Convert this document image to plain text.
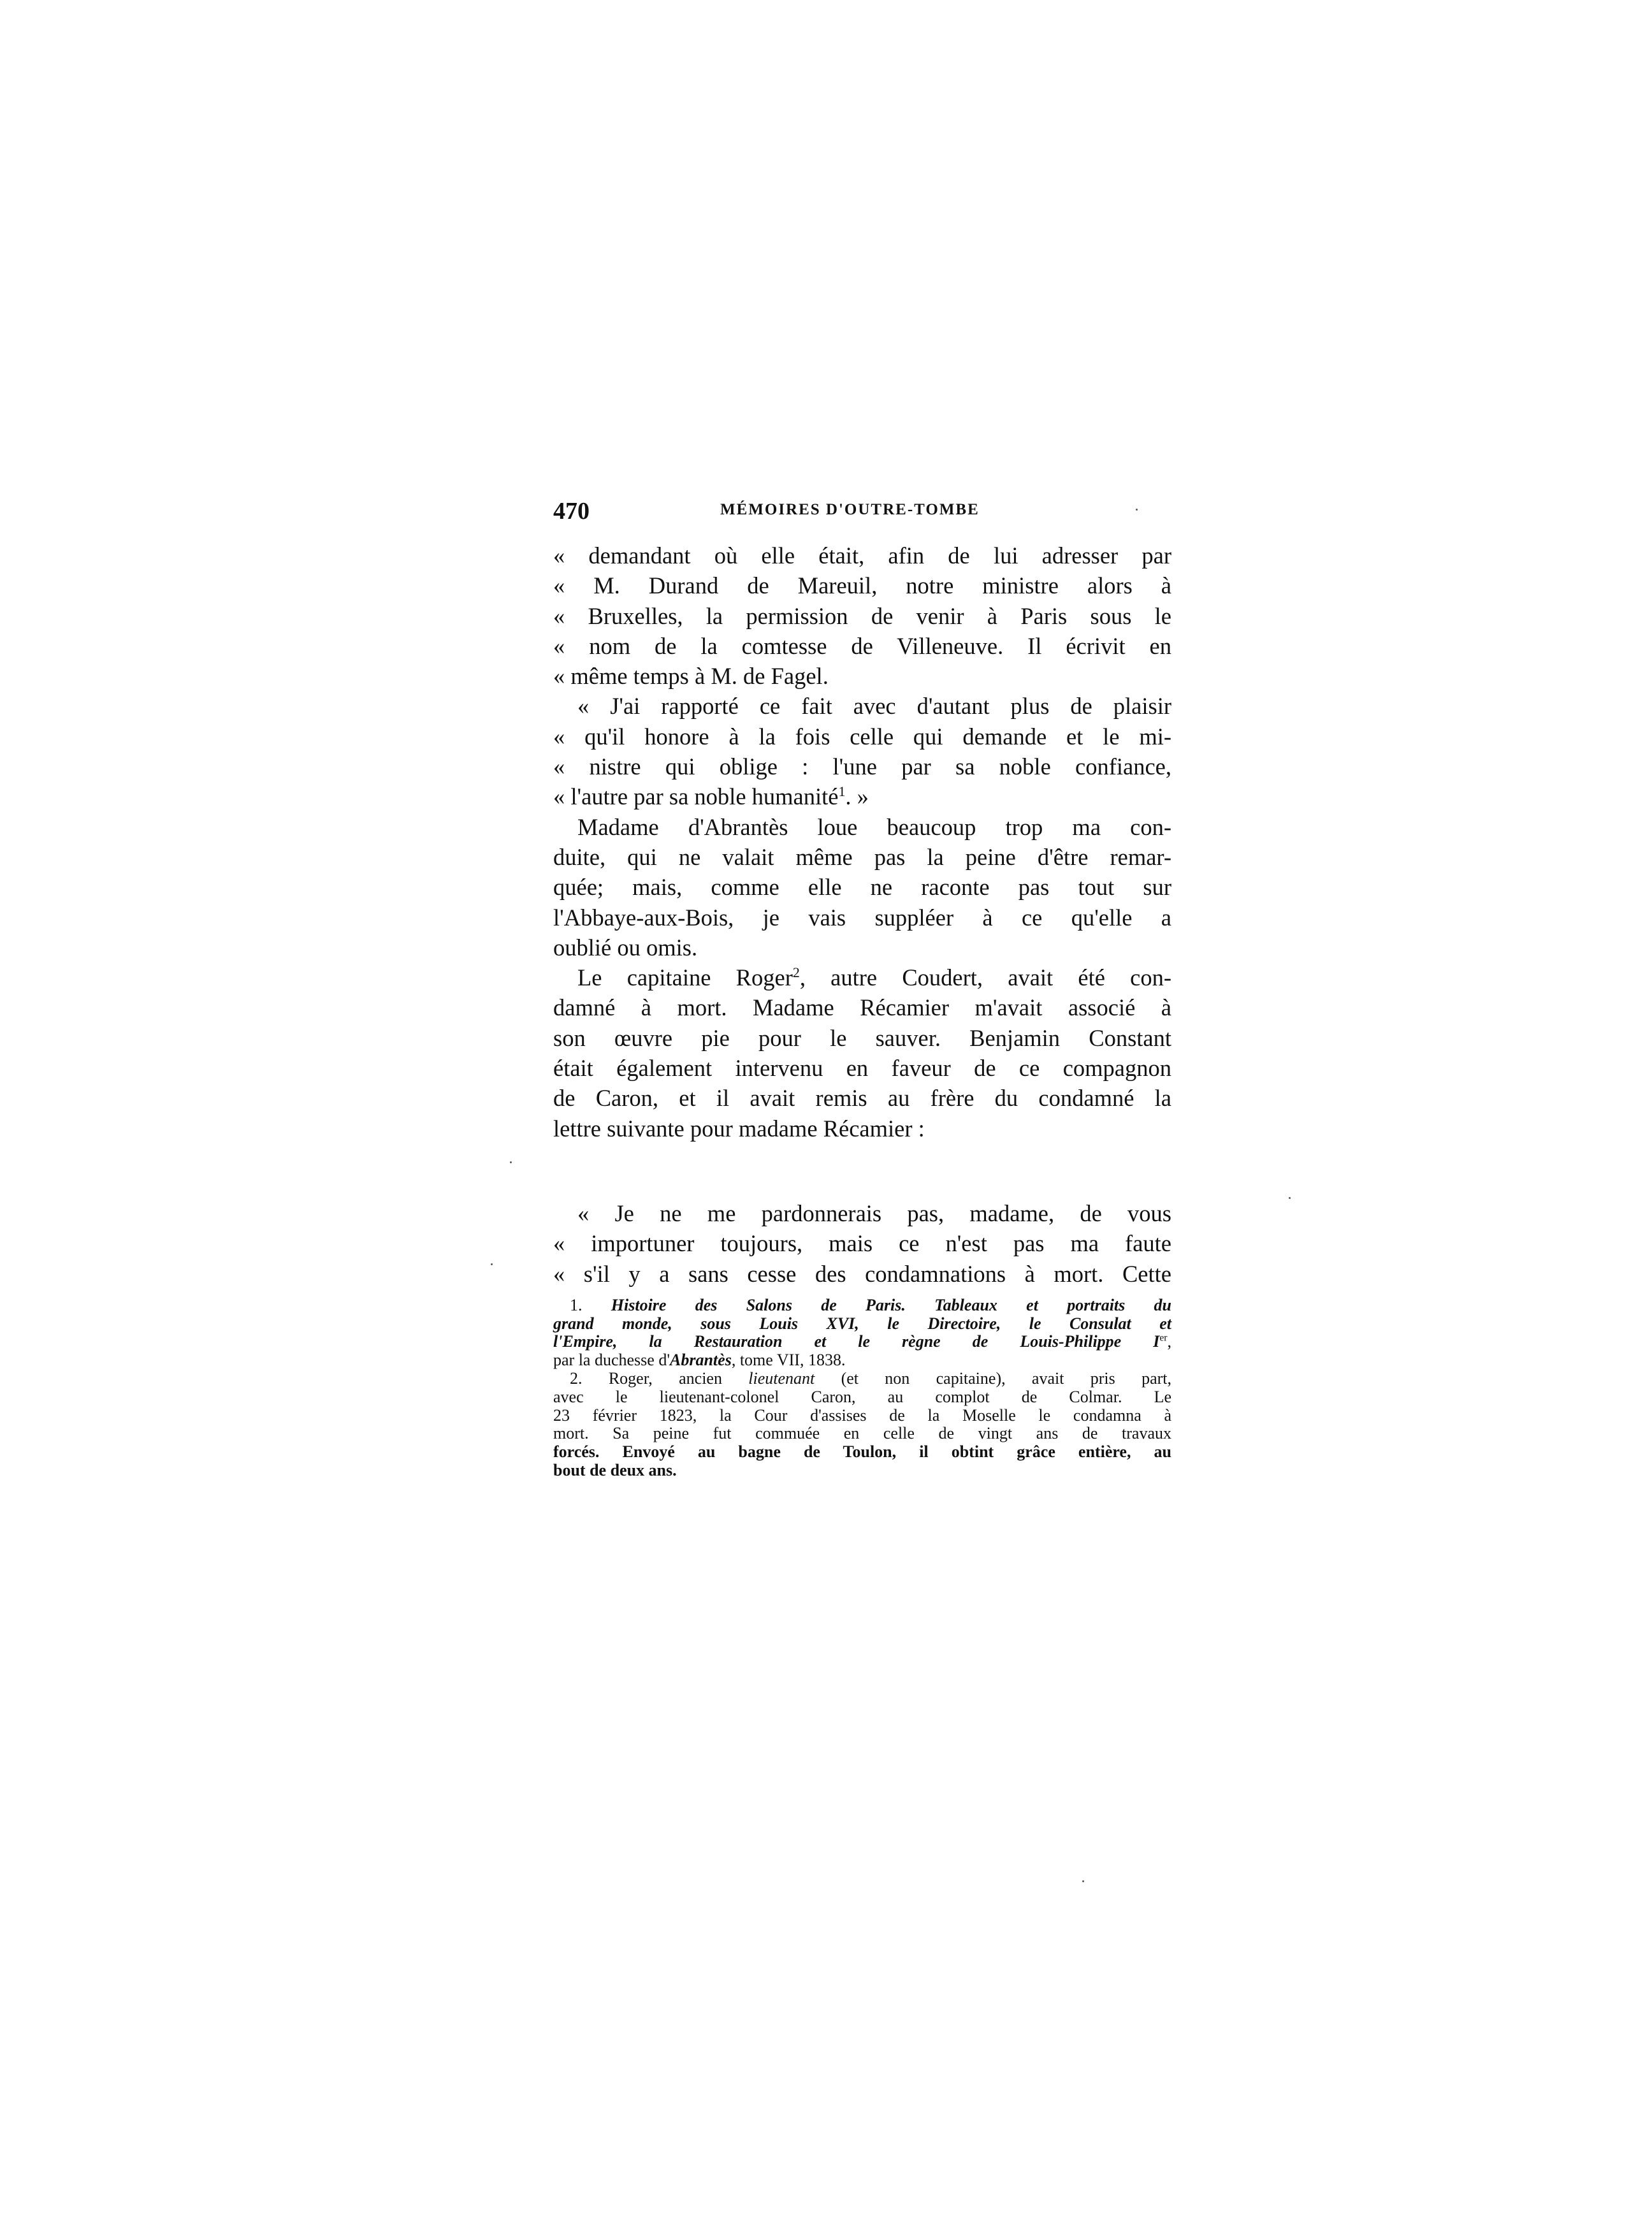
470	MÉMOIRES D'OUTRE-TOMBE
« demandant où elle était, afin de lui adresser par
« M. Durand de Mareuil, notre ministre alors à
« Bruxelles, la permission de venir à Paris sous le
« nom de la comtesse de Villeneuve. Il écrivit en
« même temps à M. de Fagel.
« J'ai rapporté ce fait avec d'autant plus de plaisir
« qu'il honore à la fois celle qui demande et le mi-
« nistre qui oblige : l'une par sa noble confiance,
« l'autre par sa noble humanité$^1$. »
Madame d'Abrantès loue beaucoup trop ma con-
duite, qui ne valait même pas la peine d'être remar-
quée; mais, comme elle ne raconte pas tout sur
l'Abbaye-aux-Bois, je vais suppléer à ce qu'elle a
oublié ou omis.
Le capitaine Roger$^2$, autre Coudert, avait été con-
damné à mort. Madame Récamier m'avait associé à
son œuvre pie pour le sauver. Benjamin Constant
était également intervenu en faveur de ce compagnon
de Caron, et il avait remis au frère du condamné la
lettre suivante pour madame Récamier :
« Je ne me pardonnerais pas, madame, de vous
« importuner toujours, mais ce n'est pas ma faute
« s'il y a sans cesse des condamnations à mort. Cette
1. Histoire des Salons de Paris. Tableaux et portraits du
grand monde, sous Louis XVI, le Directoire, le Consulat et
l'Empire, la Restauration et le règne de Louis-Philippe Ier,
par la duchesse d'Abrantès, tome VII, 1838.
2. Roger, ancien lieutenant (et non capitaine), avait pris part,
avec le lieutenant-colonel Caron, au complot de Colmar. Le
23 février 1823, la Cour d'assises de la Moselle le condamna à
mort. Sa peine fut commuée en celle de vingt ans de travaux
forcés. Envoyé au bagne de Toulon, il obtint grâce entière, au
bout de deux ans.
